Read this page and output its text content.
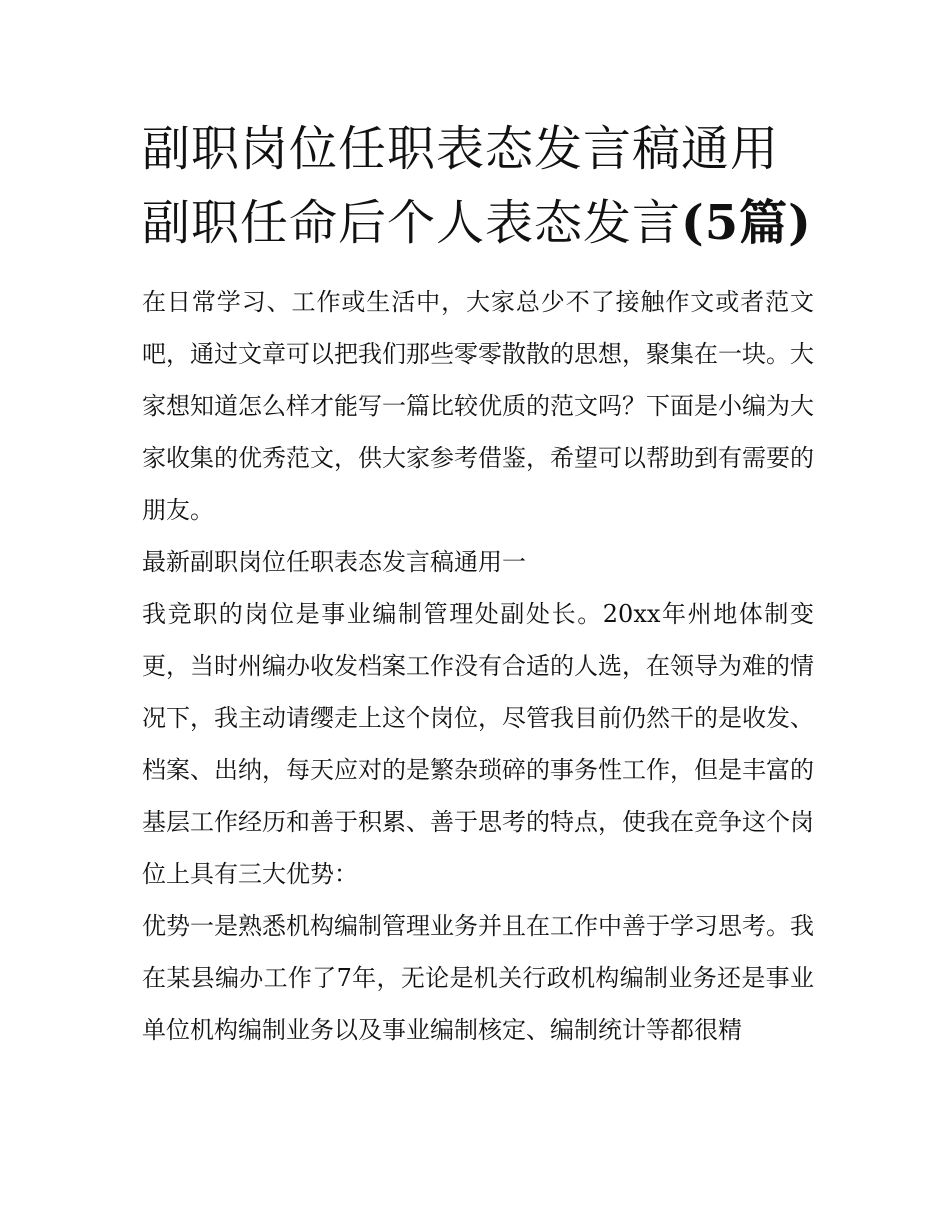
副职岗位任职表态发言稿通用副职任命后个人表态发言(5篇)

在日常学习、工作或生活中，大家总少不了接触作文或者范文吧，通过文章可以把我们那些零零散散的思想，聚集在一块。大家想知道怎么样才能写一篇比较优质的范文吗？下面是小编为大家收集的优秀范文，供大家参考借鉴，希望可以帮助到有需要的朋友。

最新副职岗位任职表态发言稿通用一

我竞职的岗位是事业编制管理处副处长。20xx年州地体制变更，当时州编办收发档案工作没有合适的人选，在领导为难的情况下，我主动请缨走上这个岗位，尽管我目前仍然干的是收发、档案、出纳，每天应对的是繁杂琐碎的事务性工作，但是丰富的基层工作经历和善于积累、善于思考的特点，使我在竞争这个岗位上具有三大优势：

优势一是熟悉机构编制管理业务并且在工作中善于学习思考。我在某县编办工作了7年，无论是机关行政机构编制业务还是事业单位机构编制业务以及事业编制核定、编制统计等都很精
